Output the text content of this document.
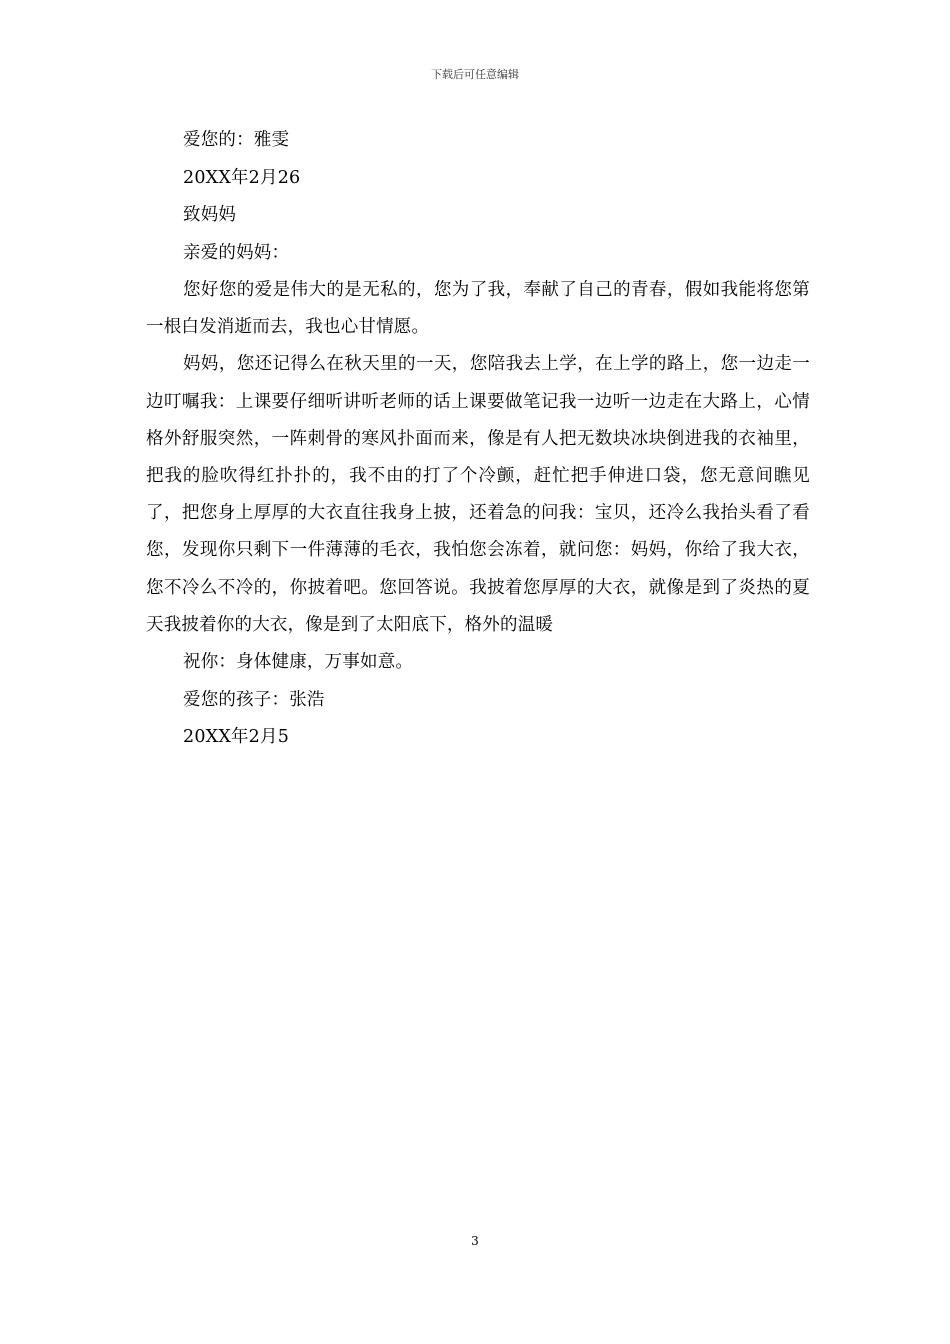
下载后可任意编辑
爱您的：雅雯
20XX年2月26
致妈妈
亲爱的妈妈：

您好您的爱是伟大的是无私的，您为了我，奉献了自己的青春，假如我能将您第一根白发消逝而去，我也心甘情愿。

妈妈，您还记得么在秋天里的一天，您陪我去上学，在上学的路上，您一边走一边叮嘱我：上课要仔细听讲听老师的话上课要做笔记我一边听一边走在大路上，心情格外舒服突然，一阵刺骨的寒风扑面而来，像是有人把无数块冰块倒进我的衣袖里，把我的脸吹得红扑扑的，我不由的打了个冷颤，赶忙把手伸进口袋，您无意间瞧见了，把您身上厚厚的大衣直往我身上披，还着急的问我：宝贝，还冷么我抬头看了看您，发现你只剩下一件薄薄的毛衣，我怕您会冻着，就问您：妈妈，你给了我大衣，您不冷么不冷的，你披着吧。您回答说。我披着您厚厚的大衣，就像是到了炎热的夏天我披着你的大衣，像是到了太阳底下，格外的温暖

祝你：身体健康，万事如意。
爱您的孩子：张浩
20XX年2月5
3
